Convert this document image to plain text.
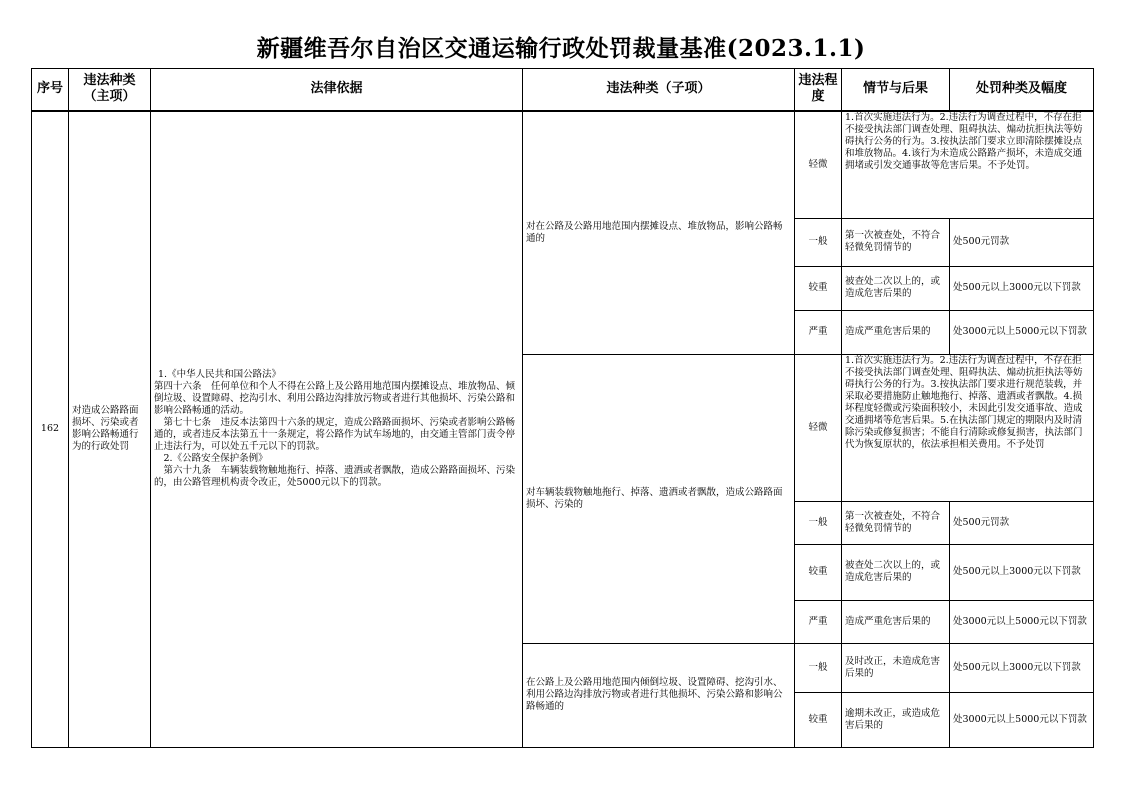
新疆维吾尔自治区交通运输行政处罚裁量基准(2023.1.1)
序号	违法种类（主项）	法律依据	违法种类（子项）	违法程度	情节与后果	处罚种类及幅度
162	对造成公路路面损坏、污染或者影响公路畅通行为的行政处罚	1.《中华人民共和国公路法》
第四十六条　任何单位和个人不得在公路上及公路用地范围内摆摊设点、堆放物品、倾倒垃圾、设置障碍、挖沟引水、利用公路边沟排放污物或者进行其他损坏、污染公路和影响公路畅通的活动。
　第七十七条　违反本法第四十六条的规定，造成公路路面损坏、污染或者影响公路畅通的，或者违反本法第五十一条规定，将公路作为试车场地的，由交通主管部门责令停止违法行为，可以处五千元以下的罚款。
　2.《公路安全保护条例》
　第六十九条　车辆装载物触地拖行、掉落、遗洒或者飘散，造成公路路面损坏、污染的，由公路管理机构责令改正，处5000元以下的罚款。	对在公路及公路用地范围内摆摊设点、堆放物品，影响公路畅通的	轻微	1.首次实施违法行为。2.违法行为调查过程中，不存在拒不接受执法部门调查处理、阻碍执法、煽动抗拒执法等妨碍执行公务的行为。3.按执法部门要求立即清除摆摊设点和堆放物品。4.该行为未造成公路路产损坏，未造成交通拥堵或引发交通事故等危害后果。不予处罚。	

				一般	第一次被查处，不符合轻微免罚情节的	处500元罚款
				较重	被查处二次以上的，或造成危害后果的	处500元以上3000元以下罚款
				严重	造成严重危害后果的	处3000元以上5000元以下罚款
			对车辆装载物触地拖行、掉落、遗洒或者飘散，造成公路路面损坏、污染的	轻微	1.首次实施违法行为。2.违法行为调查过程中，不存在拒不接受执法部门调查处理、阻碍执法、煽动抗拒执法等妨碍执行公务的行为。3.按执法部门要求进行规范装载，并采取必要措施防止触地拖行、掉落、遗洒或者飘散。4.损坏程度轻微或污染面积较小，未因此引发交通事故、造成交通拥堵等危害后果。5.在执法部门规定的期限内及时清除污染或修复损害；不能自行清除或修复损害，执法部门代为恢复原状的，依法承担相关费用。不予处罚	

				一般	第一次被查处，不符合轻微免罚情节的	处500元罚款
				较重	被查处二次以上的，或造成危害后果的	处500元以上3000元以下罚款
				严重	造成严重危害后果的	处3000元以上5000元以下罚款
			在公路上及公路用地范围内倾倒垃圾、设置障碍、挖沟引水、利用公路边沟排放污物或者进行其他损坏、污染公路和影响公路畅通的	一般	及时改正，未造成危害后果的	处500元以上3000元以下罚款
				较重	逾期未改正，或造成危害后果的	处3000元以上5000元以下罚款
